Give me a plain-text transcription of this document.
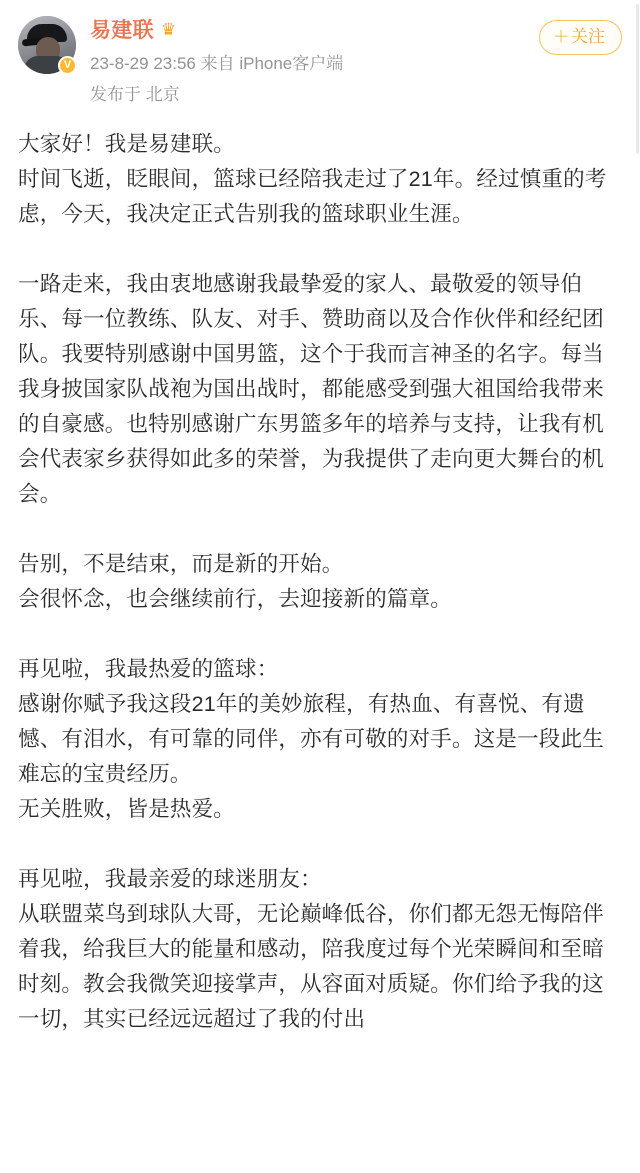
V
易建联 ♛
23-8-29 23:56 来自 iPhone客户端
发布于 北京
＋ 关注

大家好！我是易建联。

时间飞逝，眨眼间，篮球已经陪我走过了21年。经过慎重的考虑，今天，我决定正式告别我的篮球职业生涯。

一路走来，我由衷地感谢我最挚爱的家人、最敬爱的领导伯乐、每一位教练、队友、对手、赞助商以及合作伙伴和经纪团队。我要特别感谢中国男篮，这个于我而言神圣的名字。每当我身披国家队战袍为国出战时，都能感受到强大祖国给我带来的自豪感。也特别感谢广东男篮多年的培养与支持，让我有机会代表家乡获得如此多的荣誉，为我提供了走向更大舞台的机会。

告别，不是结束，而是新的开始。

会很怀念，也会继续前行，去迎接新的篇章。

再见啦，我最热爱的篮球：

感谢你赋予我这段21年的美妙旅程，有热血、有喜悦、有遗憾、有泪水，有可靠的同伴，亦有可敬的对手。这是一段此生难忘的宝贵经历。

无关胜败，皆是热爱。

再见啦，我最亲爱的球迷朋友：

从联盟菜鸟到球队大哥，无论巅峰低谷，你们都无怨无悔陪伴着我，给我巨大的能量和感动，陪我度过每个光荣瞬间和至暗时刻。教会我微笑迎接掌声，从容面对质疑。你们给予我的这一切，其实已经远远超过了我的付出
